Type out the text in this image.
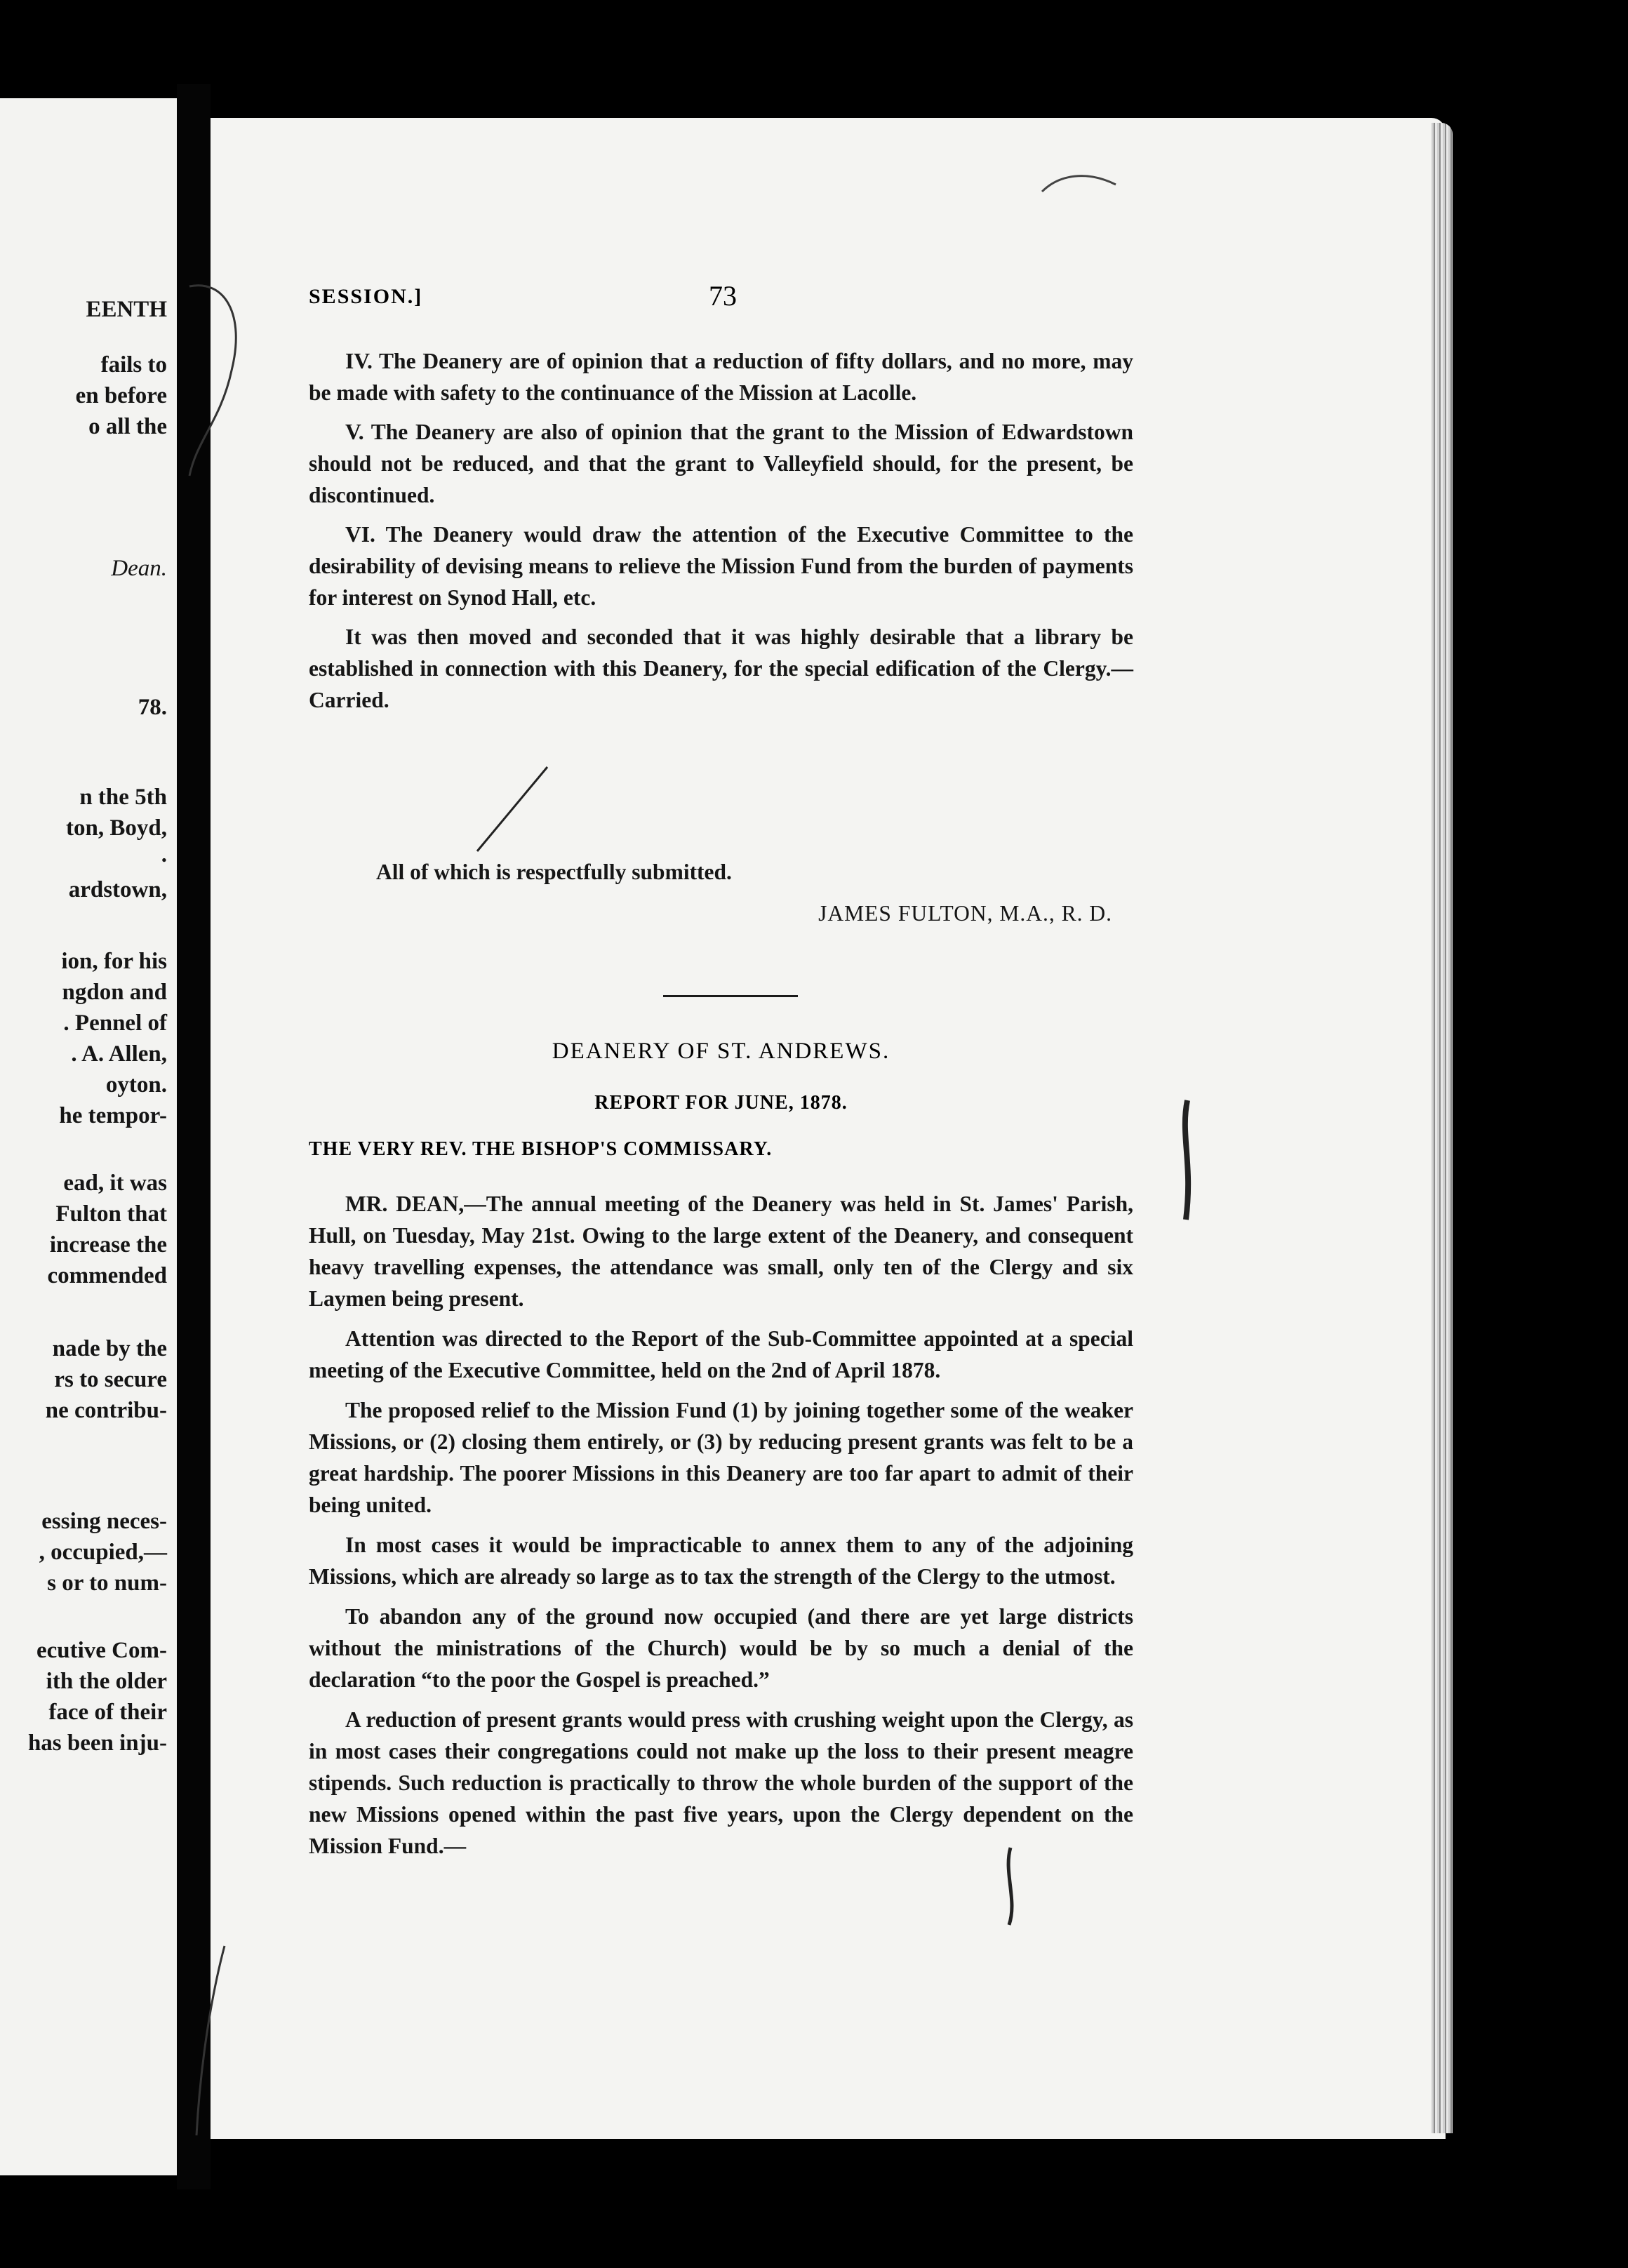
EENTH
fails to
en before
o all the
Dean.
78.
n the 5th
ton, Boyd,
.
ardstown,
ion, for his
ngdon and
. Pennel of
. A. Allen,
oyton.
he tempor-
ead, it was
Fulton that
increase the
commended
nade by the
rs to secure
ne contribu-
essing neces-
, occupied,—
s or to num-
ecutive Com-
ith the older
face of their
has been inju-
SESSION.]	73

IV. The Deanery are of opinion that a reduction of fifty dollars, and no more, may be made with safety to the continuance of the Mission at Lacolle.

V. The Deanery are also of opinion that the grant to the Mission of Edwardstown should not be reduced, and that the grant to Valleyfield should, for the present, be discontinued.

VI. The Deanery would draw the attention of the Executive Committee to the desirability of devising means to relieve the Mission Fund from the burden of payments for interest on Synod Hall, etc.

It was then moved and seconded that it was highly desirable that a library be established in connection with this Deanery, for the special edification of the Clergy.—Carried.

All of which is respectfully submitted.
JAMES FULTON, M.A., R. D.
DEANERY OF ST. ANDREWS.
REPORT FOR JUNE, 1878.
THE VERY REV. THE BISHOP'S COMMISSARY.

MR. DEAN,—The annual meeting of the Deanery was held in St. James' Parish, Hull, on Tuesday, May 21st. Owing to the large extent of the Deanery, and consequent heavy travelling expenses, the attendance was small, only ten of the Clergy and six Laymen being present.

Attention was directed to the Report of the Sub-Committee appointed at a special meeting of the Executive Committee, held on the 2nd of April 1878.

The proposed relief to the Mission Fund (1) by joining together some of the weaker Missions, or (2) closing them entirely, or (3) by reducing present grants was felt to be a great hardship. The poorer Missions in this Deanery are too far apart to admit of their being united.

In most cases it would be impracticable to annex them to any of the adjoining Missions, which are already so large as to tax the strength of the Clergy to the utmost.

To abandon any of the ground now occupied (and there are yet large districts without the ministrations of the Church) would be by so much a denial of the declaration “to the poor the Gospel is preached.”

A reduction of present grants would press with crushing weight upon the Clergy, as in most cases their congregations could not make up the loss to their present meagre stipends. Such reduction is practically to throw the whole burden of the support of the new Missions opened within the past five years, upon the Clergy dependent on the Mission Fund.—
